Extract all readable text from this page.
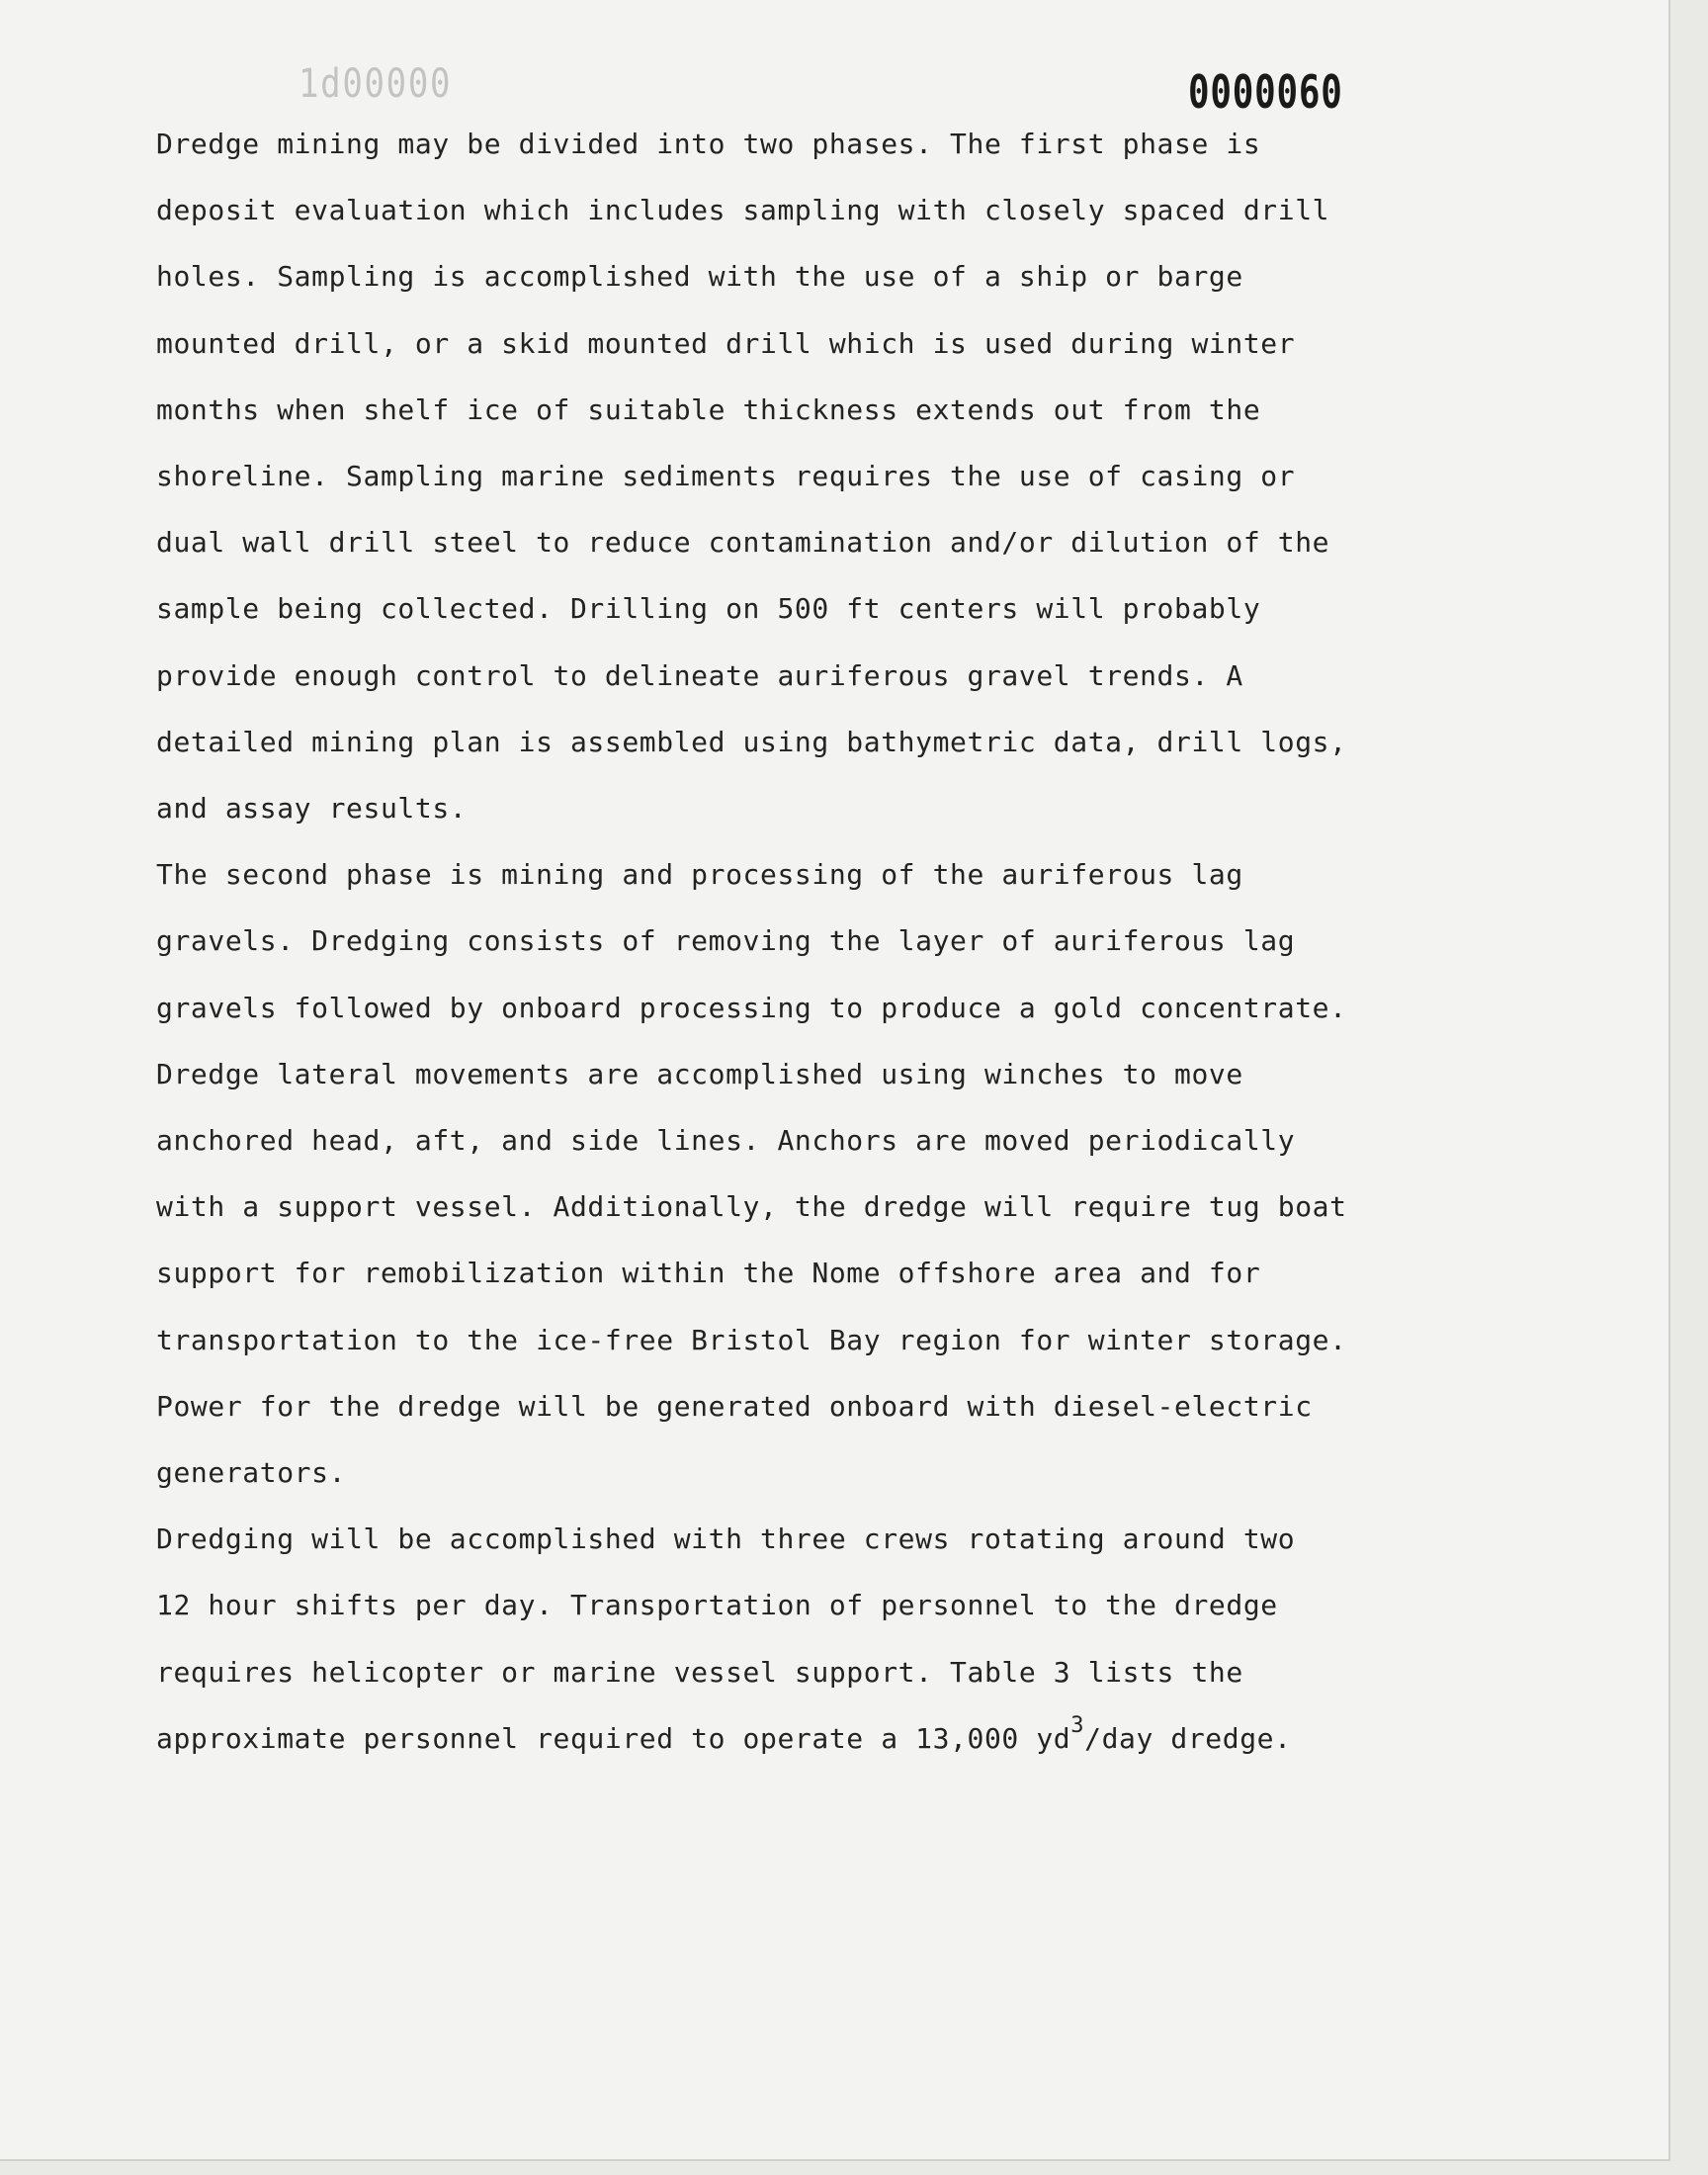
1d00000	0000060

Dredge mining may be divided into two phases. The first phase is
deposit evaluation which includes sampling with closely spaced drill
holes. Sampling is accomplished with the use of a ship or barge
mounted drill, or a skid mounted drill which is used during winter
months when shelf ice of suitable thickness extends out from the
shoreline. Sampling marine sediments requires the use of casing or
dual wall drill steel to reduce contamination and/or dilution of the
sample being collected. Drilling on 500 ft centers will probably
provide enough control to delineate auriferous gravel trends. A
detailed mining plan is assembled using bathymetric data, drill logs,
and assay results.

The second phase is mining and processing of the auriferous lag
gravels. Dredging consists of removing the layer of auriferous lag
gravels followed by onboard processing to produce a gold concentrate.
Dredge lateral movements are accomplished using winches to move
anchored head, aft, and side lines. Anchors are moved periodically
with a support vessel. Additionally, the dredge will require tug boat
support for remobilization within the Nome offshore area and for
transportation to the ice-free Bristol Bay region for winter storage.
Power for the dredge will be generated onboard with diesel-electric
generators.

Dredging will be accomplished with three crews rotating around two
12 hour shifts per day. Transportation of personnel to the dredge
requires helicopter or marine vessel support. Table 3 lists the
approximate personnel required to operate a 13,000 $yd^3$/day dredge.
